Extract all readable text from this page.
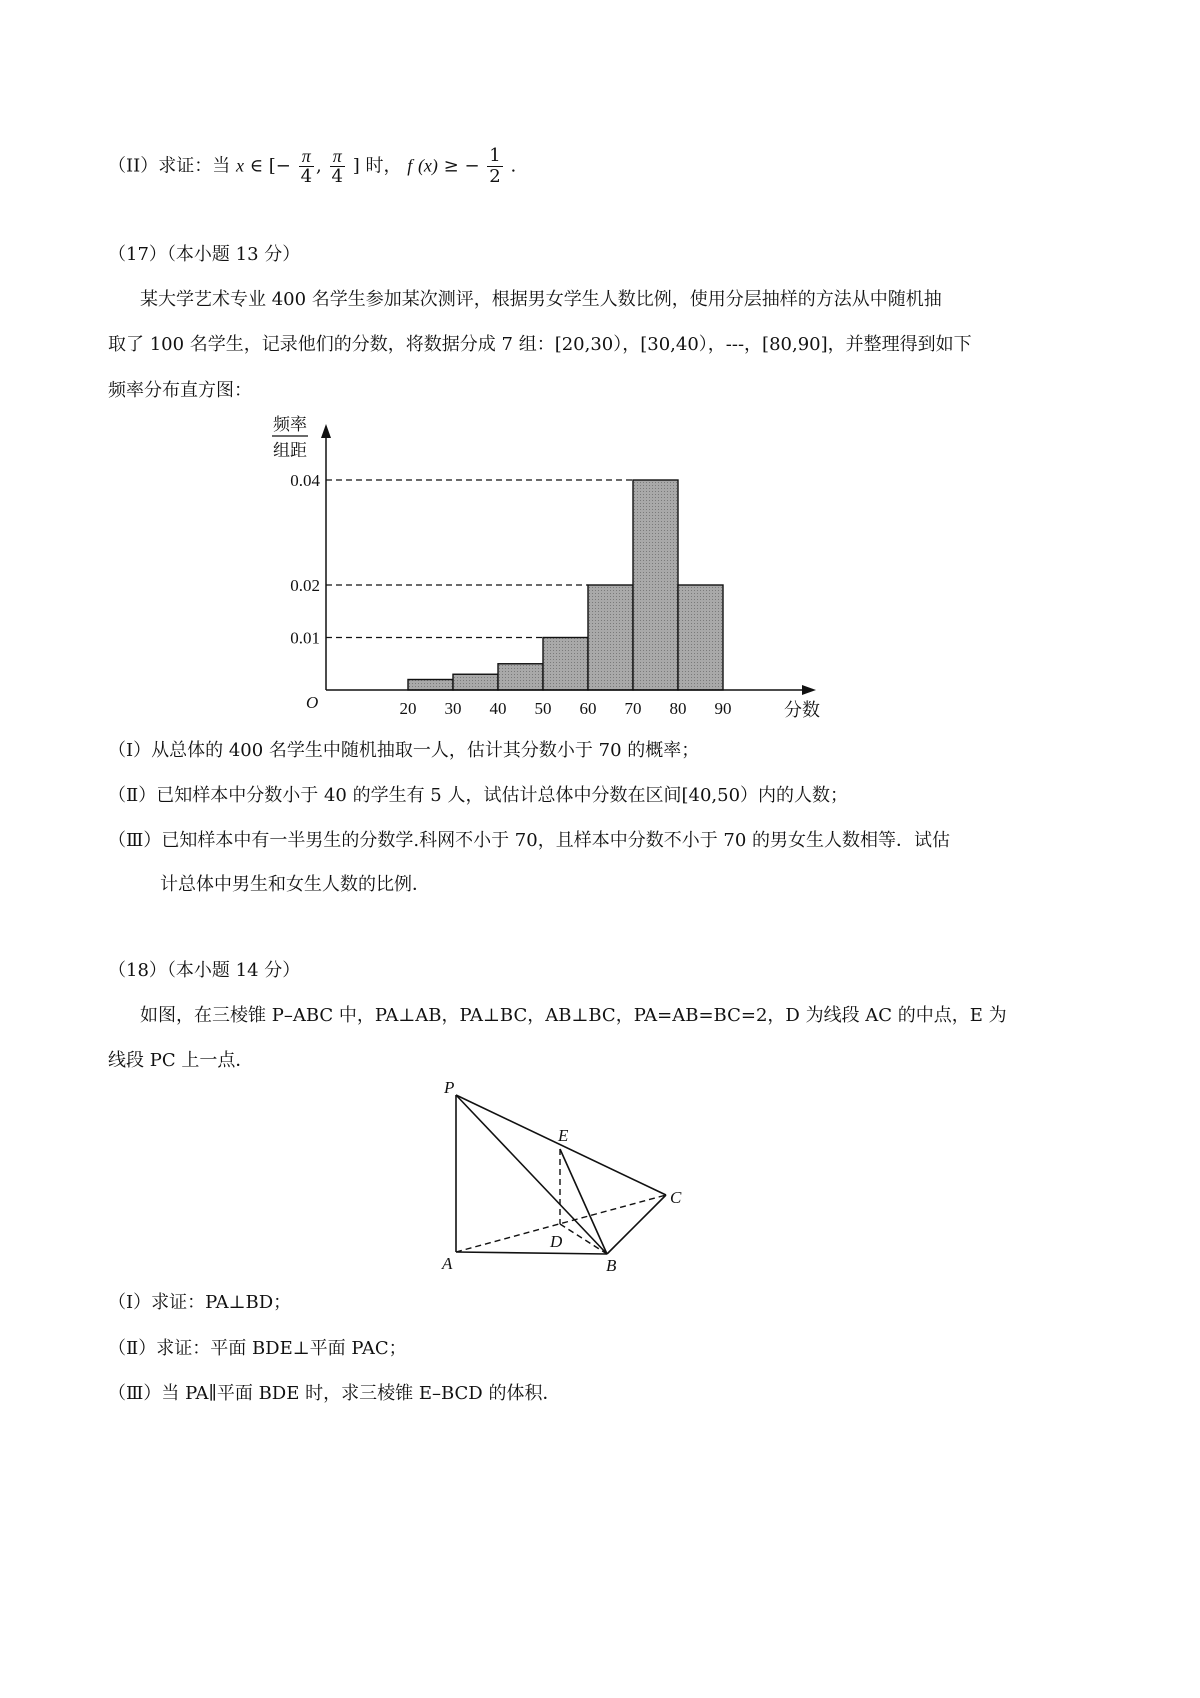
（II）求证：当 x ∈ [− $\frac{\pi}{4}$ , $\frac{\pi}{4}$ ] 时， f (x) ≥ − $\frac{1}{2}$ .
（17）（本小题 13 分）
某大学艺术专业 400 名学生参加某次测评，根据男女学生人数比例，使用分层抽样的方法从中随机抽
取了 100 名学生，记录他们的分数，将数据分成 7 组：[20,30），[30,40），---，[80,90]，并整理得到如下
频率分布直方图：
0.04
0.02
0.01
20 30 40 50 60 70 80 90
O	分数
频率
组距
（Ⅰ）从总体的 400 名学生中随机抽取一人，估计其分数小于 70 的概率；
（Ⅱ）已知样本中分数小于 40 的学生有 5 人，试估计总体中分数在区间[40,50）内的人数；
（Ⅲ）已知样本中有一半男生的分数学.科网不小于 70，且样本中分数不小于 70 的男女生人数相等．试估
计总体中男生和女生人数的比例．
（18）（本小题 14 分）
如图，在三棱锥 P–ABC 中，PA⊥AB，PA⊥BC，AB⊥BC，PA=AB=BC=2，D 为线段 AC 的中点，E 为
线段 PC 上一点．
P
E
C
D
A	B
（Ⅰ）求证：PA⊥BD；
（Ⅱ）求证：平面 BDE⊥平面 PAC；
（Ⅲ）当 PA∥平面 BDE 时，求三棱锥 E–BCD 的体积．
